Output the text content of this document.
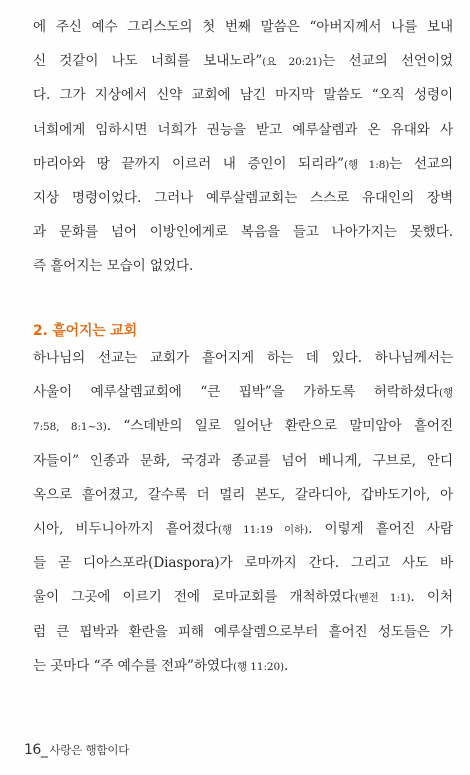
에 주신 예수 그리스도의 첫 번째 말씀은 “아버지께서 나를 보내
신 것같이 나도 너희를 보내노라”(요 20:21)는 선교의 선언이었
다. 그가 지상에서 신약 교회에 남긴 마지막 말씀도 “오직 성령이
너희에게 임하시면 너희가 권능을 받고 예루살렘과 온 유대와 사
마리아와 땅 끝까지 이르러 내 증인이 되리라”(행 1:8)는 선교의
지상 명령이었다. 그러나 예루살렘교회는 스스로 유대인의 장벽
과 문화를 넘어 이방인에게로 복음을 들고 나아가지는 못했다.
즉 흩어지는 모습이 없었다.
2. 흩어지는 교회
하나님의 선교는 교회가 흩어지게 하는 데 있다. 하나님께서는
사울이 예루살렘교회에 “큰 핍박”을 가하도록 허락하셨다(행
7:58, 8:1~3). “스데반의 일로 일어난 환란으로 말미암아 흩어진
자들이” 인종과 문화, 국경과 종교를 넘어 베니게, 구브로, 안디
옥으로 흩어졌고, 갈수록 더 멀리 본도, 갈라디아, 갑바도기아, 아
시아, 비두니아까지 흩어졌다(행 11:19 이하). 이렇게 흩어진 사람
들 곧 디아스포라(Diaspora)가 로마까지 간다. 그리고 사도 바
울이 그곳에 이르기 전에 로마교회를 개척하였다(벧전 1:1). 이처
럼 큰 핍박과 환란을 피해 예루살렘으로부터 흩어진 성도들은 가
는 곳마다 “주 예수를 전파”하였다(행 11:20).
16_ 사랑은 행함이다
